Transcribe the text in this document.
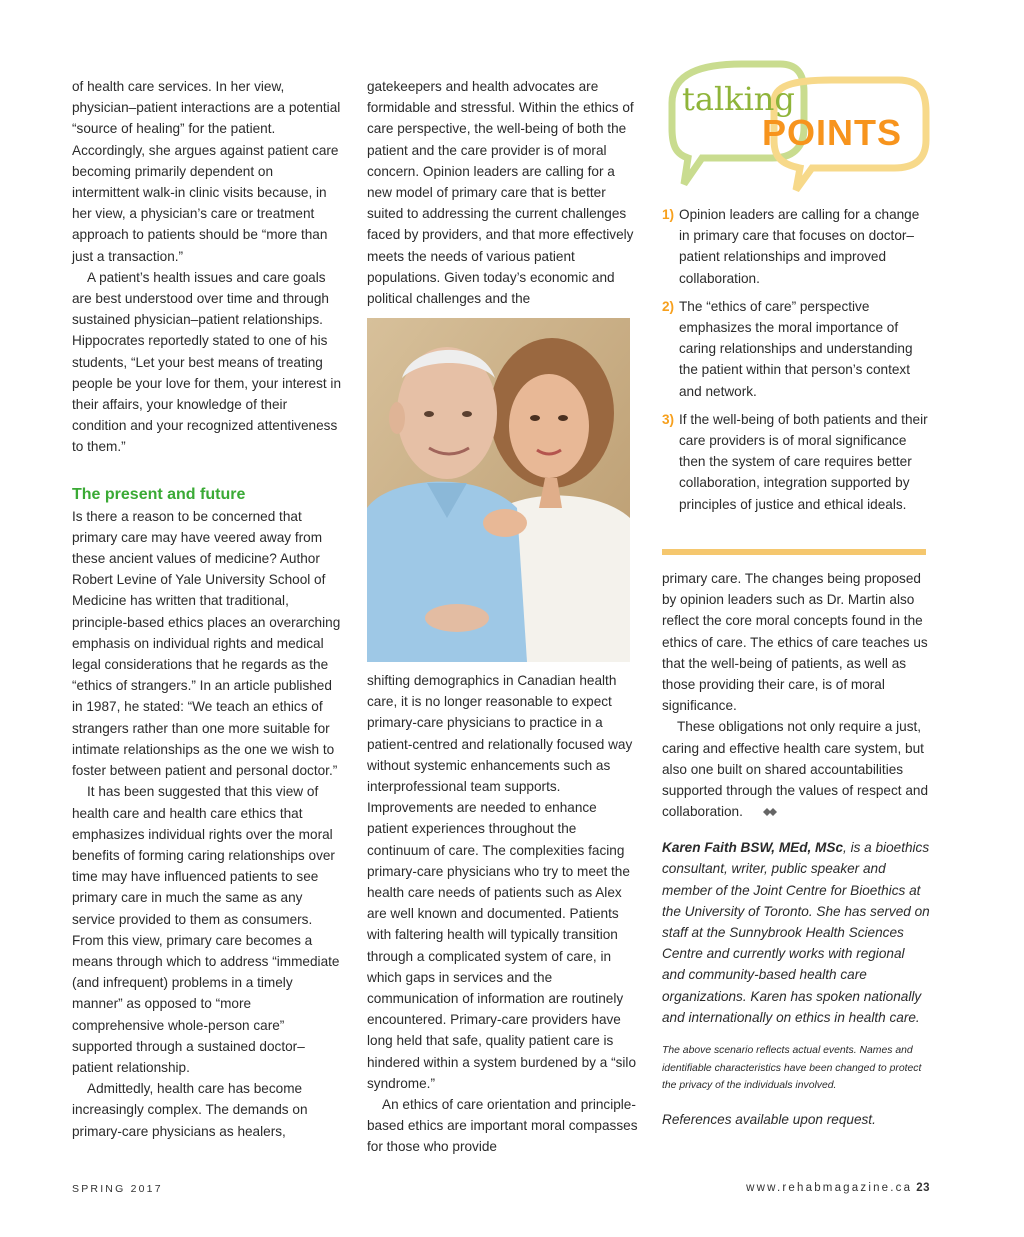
of health care services. In her view, physician–patient interactions are a potential “source of healing” for the patient. Accordingly, she argues against patient care becoming primarily dependent on intermittent walk-in clinic visits because, in her view, a physician’s care or treatment approach to patients should be “more than just a transaction.”

A patient’s health issues and care goals are best understood over time and through sustained physician–patient relationships. Hippocrates reportedly stated to one of his students, “Let your best means of treating people be your love for them, your interest in their affairs, your knowledge of their condition and your recognized attentiveness to them.”

The present and future

Is there a reason to be concerned that primary care may have veered away from these ancient values of medicine? Author Robert Levine of Yale University School of Medicine has written that traditional, principle-based ethics places an overarching emphasis on individual rights and medical legal considerations that he regards as the “ethics of strangers.” In an article published in 1987, he stated: “We teach an ethics of strangers rather than one more suitable for intimate relationships as the one we wish to foster between patient and personal doctor.”

It has been suggested that this view of health care and health care ethics that emphasizes individual rights over the moral benefits of forming caring relationships over time may have influenced patients to see primary care in much the same as any service provided to them as consumers. From this view, primary care becomes a means through which to address “immediate (and infrequent) problems in a timely manner” as opposed to “more comprehensive whole-person care” supported through a sustained doctor–patient relationship.

Admittedly, health care has become increasingly complex. The demands on primary-care physicians as healers,

gatekeepers and health advocates are formidable and stressful. Within the ethics of care perspective, the well-being of both the patient and the care provider is of moral concern. Opinion leaders are calling for a new model of primary care that is better suited to addressing the current challenges faced by providers, and that more effectively meets the needs of various patient populations. Given today’s economic and political challenges and the

shifting demographics in Canadian health care, it is no longer reasonable to expect primary-care physicians to practice in a patient-centred and relationally focused way without systemic enhancements such as interprofessional team supports. Improvements are needed to enhance patient experiences throughout the continuum of care. The complexities facing primary-care physicians who try to meet the health care needs of patients such as Alex are well known and documented. Patients with faltering health will typically transition through a complicated system of care, in which gaps in services and the communication of information are routinely encountered. Primary-care providers have long held that safe, quality patient care is hindered within a system burdened by a “silo syndrome.”

An ethics of care orientation and principle-based ethics are important moral compasses for those who provide

talking
POINTS
1) Opinion leaders are calling for a change in primary care that focuses on doctor–patient relationships and improved collaboration.
2) The “ethics of care” perspective emphasizes the moral importance of caring relationships and understanding the patient within that person’s context and network.
3) If the well-being of both patients and their care providers is of moral significance then the system of care requires better collaboration, integration supported by principles of justice and ethical ideals.

primary care. The changes being proposed by opinion leaders such as Dr. Martin also reflect the core moral concepts found in the ethics of care. The ethics of care teaches us that the well-being of patients, as well as those providing their care, is of moral significance.

These obligations not only require a just, caring and effective health care system, but also one built on shared accountabilities supported through the values of respect and collaboration.

Karen Faith BSW, MEd, MSc, is a bioethics consultant, writer, public speaker and member of the Joint Centre for Bioethics at the University of Toronto. She has served on staff at the Sunnybrook Health Sciences Centre and currently works with regional and community-based health care organizations. Karen has spoken nationally and internationally on ethics in health care.

The above scenario reflects actual events. Names and identifiable characteristics have been changed to protect the privacy of the individuals involved.

References available upon request.

SPRING 2017	www.rehabmagazine.ca 23
